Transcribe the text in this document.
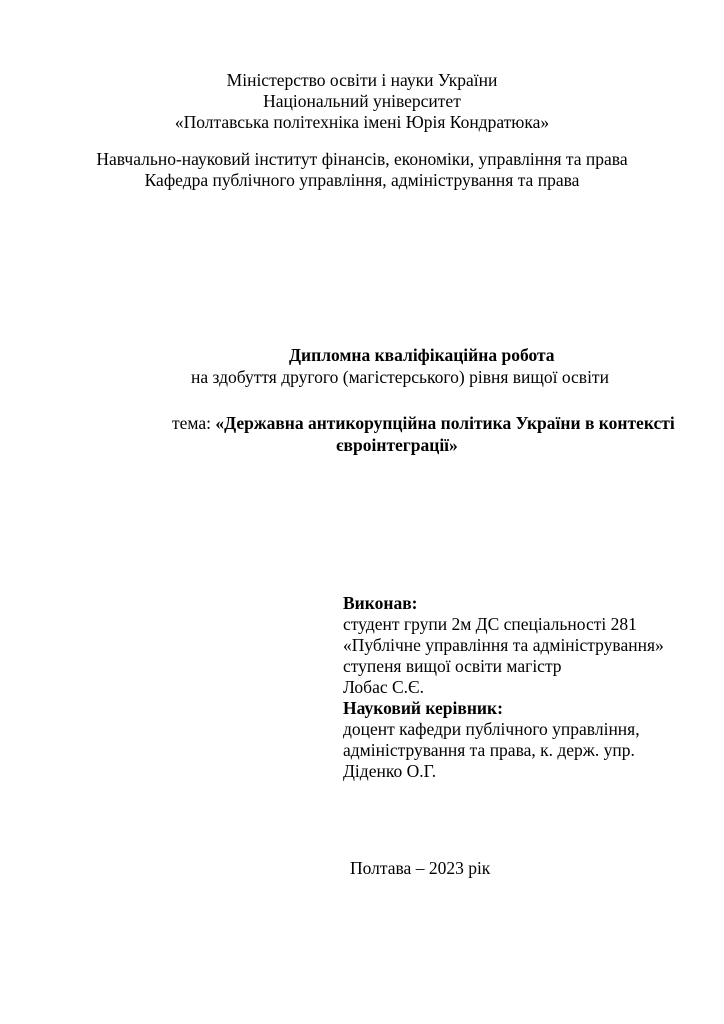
Міністерство освіти і науки України
Національний університет
«Полтавська політехніка імені Юрія Кондратюка»
Навчально-науковий інститут фінансів, економіки, управління та права
Кафедра публічного управління, адміністрування та права
Дипломна кваліфікаційна робота
на здобуття другого (магістерського) рівня вищої освіти
тема: «Державна антикорупційна політика України в контексті
євроінтеграції»
Виконав:
студент групи 2м ДС спеціальності 281
«Публічне управління та адміністрування»
ступеня вищої освіти магістр
Лобас С.Є.
Науковий керівник:
доцент кафедри публічного управління,
адміністрування та права, к. держ. упр.
Діденко О.Г.
Полтава – 2023 рік
